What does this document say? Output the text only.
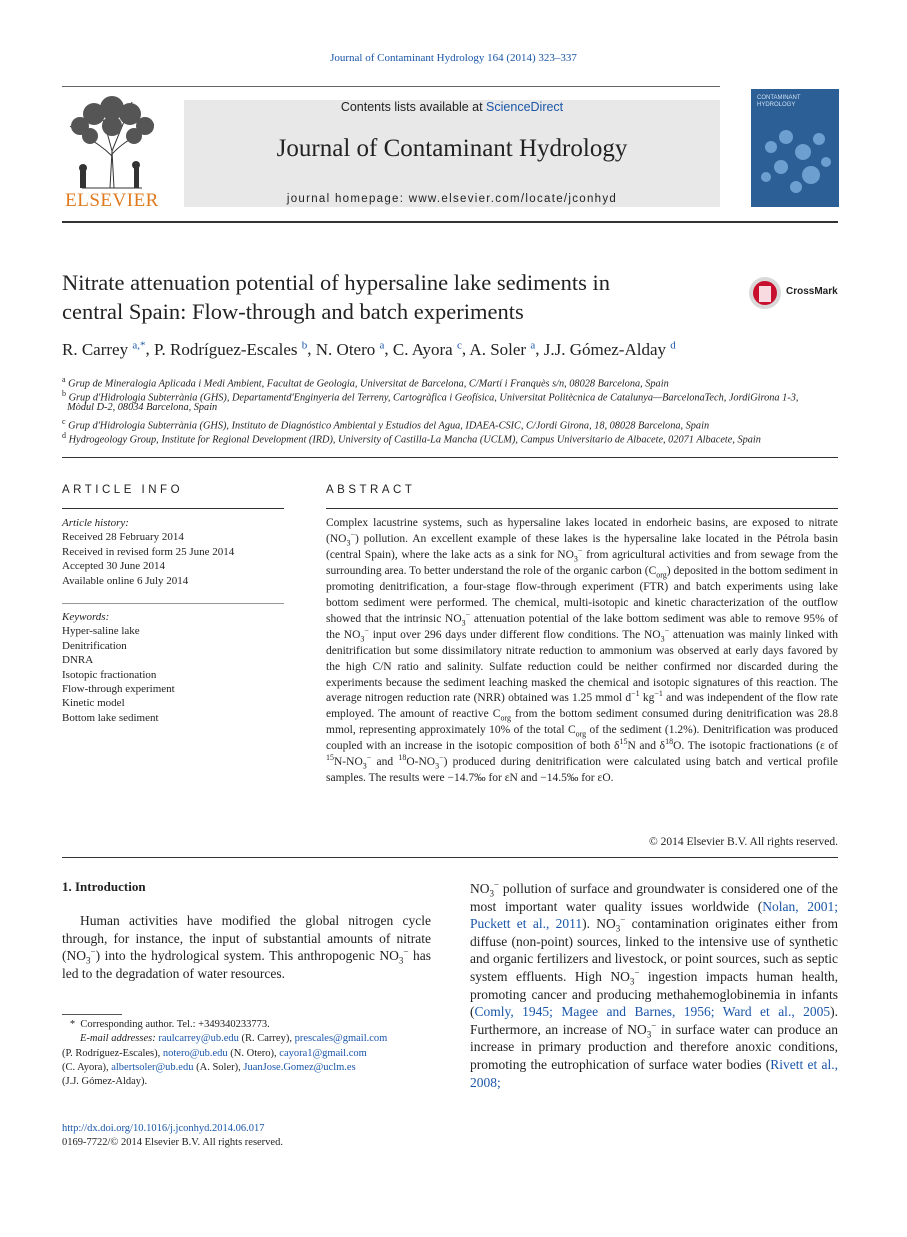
Journal of Contaminant Hydrology 164 (2014) 323–337
ELSEVIER
Contents lists available at ScienceDirect
Journal of Contaminant Hydrology
journal homepage: www.elsevier.com/locate/jconhyd
CONTAMINANT HYDROLOGY
Nitrate attenuation potential of hypersaline lake sediments in
central Spain: Flow-through and batch experiments
CrossMark
R. Carrey $^{a,*}$, P. Rodríguez-Escales $^b$, N. Otero $^a$, C. Ayora $^c$, A. Soler $^a$, J.J. Gómez-Alday $^d$
$^a$ Grup de Mineralogia Aplicada i Medi Ambient, Facultat de Geologia, Universitat de Barcelona, C/Martí i Franquès s/n, 08028 Barcelona, Spain
$^b$ Grup d'Hidrologia Subterrània (GHS), Departamentd'Enginyeria del Terreny, Cartogràfica i Geofísica, Universitat Politècnica de Catalunya—BarcelonaTech, JordiGirona 1-3,
Mòdul D-2, 08034 Barcelona, Spain
$^c$ Grup d'Hidrologia Subterrània (GHS), Instituto de Diagnóstico Ambiental y Estudios del Agua, IDAEA-CSIC, C/Jordi Girona, 18, 08028 Barcelona, Spain
$^d$ Hydrogeology Group, Institute for Regional Development (IRD), University of Castilla-La Mancha (UCLM), Campus Universitario de Albacete, 02071 Albacete, Spain
ARTICLE INFO
Article history:
Received 28 February 2014
Received in revised form 25 June 2014
Accepted 30 June 2014
Available online 6 July 2014
Keywords:
Hyper-saline lake
Denitrification
DNRA
Isotopic fractionation
Flow-through experiment
Kinetic model
Bottom lake sediment
ABSTRACT
Complex lacustrine systems, such as hypersaline lakes located in endorheic basins, are exposed to nitrate $(NO_3^-)$ pollution. An excellent example of these lakes is the hypersaline lake located in the Pétrola basin (central Spain), where the lake acts as a sink for $NO_3^-$ from agricultural activities and from sewage from the surrounding area. To better understand the role of the organic carbon $(C_{org})$ deposited in the bottom sediment in promoting denitrification, a four-stage flow-through experiment (FTR) and batch experiments using lake bottom sediment were performed. The chemical, multi-isotopic and kinetic characterization of the outflow showed that the intrinsic $NO_3^-$ attenuation potential of the lake bottom sediment was able to remove 95% of the $NO_3^-$ input over 296 days under different flow conditions. The $NO_3^-$ attenuation was mainly linked with denitrification but some dissimilatory nitrate reduction to ammonium was observed at early days favored by the high C/N ratio and salinity. Sulfate reduction could be neither confirmed nor discarded during the experiments because the sediment leaching masked the chemical and isotopic signatures of this reaction. The average nitrogen reduction rate (NRR) obtained was 1.25 mmol $d^{-1}$ $kg^{-1}$ and was independent of the flow rate employed. The amount of reactive $C_{org}$ from the bottom sediment consumed during denitrification was 28.8 mmol, representing approximately 10% of the total $C_{org}$ of the sediment (1.2%). Denitrification was produced coupled with an increase in the isotopic composition of both $\delta^{15}N$ and $\delta^{18}O$. The isotopic fractionations (ε of $^{15}N-NO_3^-$ and $^{18}O-NO_3^-$) produced during denitrification were calculated using batch and vertical profile samples. The results were −14.7‰ for εN and −14.5‰ for εO.
© 2014 Elsevier B.V. All rights reserved.
1. Introduction
Human activities have modified the global nitrogen cycle through, for instance, the input of substantial amounts of nitrate $(NO_3^-)$ into the hydrological system. This anthropogenic $NO_3^-$ has led to the degradation of water resources.
$NO_3^-$ pollution of surface and groundwater is considered one of the most important water quality issues worldwide (Nolan, 2001; Puckett et al., 2011). $NO_3^-$ contamination originates either from diffuse (non-point) sources, linked to the intensive use of synthetic and organic fertilizers and livestock, or point sources, such as septic system effluents. High $NO_3^-$ ingestion impacts human health, promoting cancer and producing methahemoglobinemia in infants (Comly, 1945; Magee and Barnes, 1956; Ward et al., 2005). Furthermore, an increase of $NO_3^-$ in surface water can produce an increase in primary production and therefore anoxic conditions, promoting the eutrophication of surface water bodies (Rivett et al., 2008;
*  Corresponding author. Tel.: +349340233773.
E-mail addresses: raulcarrey@ub.edu (R. Carrey), prescales@gmail.com
(P. Rodríguez-Escales), notero@ub.edu (N. Otero), cayora1@gmail.com
(C. Ayora), albertsoler@ub.edu (A. Soler), JuanJose.Gomez@uclm.es
(J.J. Gómez-Alday).
http://dx.doi.org/10.1016/j.jconhyd.2014.06.017
0169-7722/© 2014 Elsevier B.V. All rights reserved.
